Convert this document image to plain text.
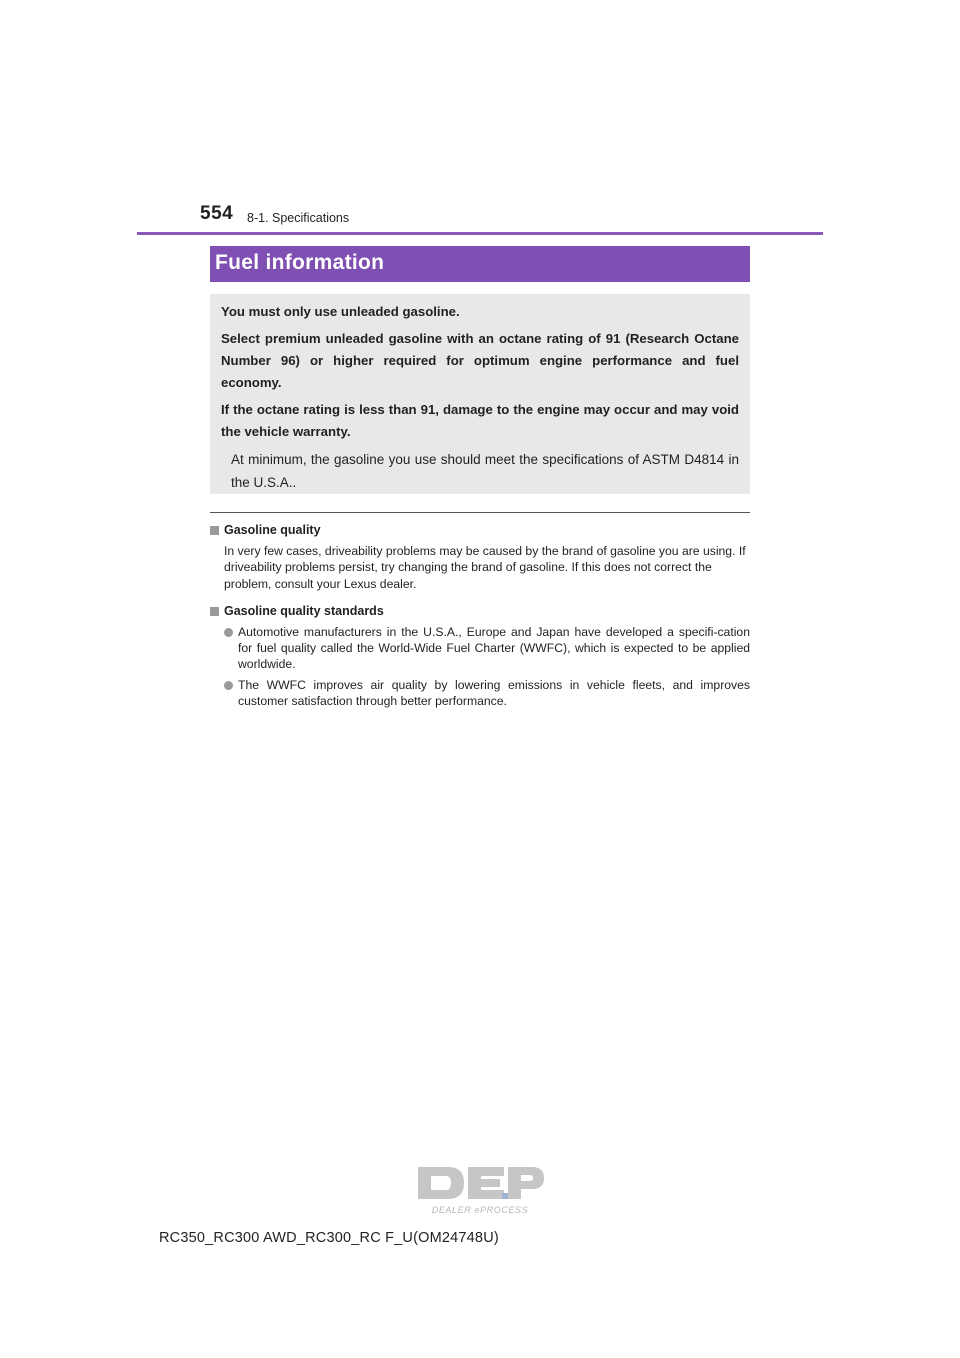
554 8-1. Specifications
Fuel information

You must only use unleaded gasoline.

Select premium unleaded gasoline with an octane rating of 91 (Research Octane Number 96) or higher required for optimum engine performance and fuel economy.

If the octane rating is less than 91, damage to the engine may occur and may void the vehicle warranty.

At minimum, the gasoline you use should meet the specifications of ASTM D4814 in the U.S.A..

Gasoline quality
In very few cases, driveability problems may be caused by the brand of gasoline you are using. If driveability problems persist, try changing the brand of gasoline. If this does not correct the problem, consult your Lexus dealer.
Gasoline quality standards
Automotive manufacturers in the U.S.A., Europe and Japan have developed a specifi-cation for fuel quality called the World-Wide Fuel Charter (WWFC), which is expected to be applied worldwide.
The WWFC improves air quality by lowering emissions in vehicle fleets, and improves customer satisfaction through better performance.
DEALER ePROCESS
RC350_RC300 AWD_RC300_RC F_U(OM24748U)
